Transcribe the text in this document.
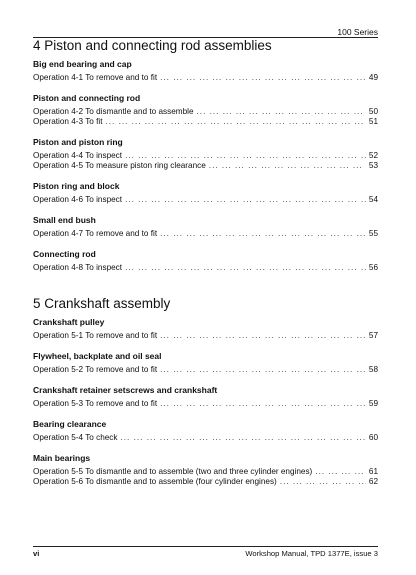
100 Series
4 Piston and connecting rod assemblies
Big end bearing and cap
Operation 4-1 To remove and to fit ... .	49
Piston and connecting rod
Operation 4-2 To dismantle and to assemble ... .	50
Operation 4-3 To fit ... .	51
Piston and piston ring
Operation 4-4 To inspect ... .	52
Operation 4-5 To measure piston ring clearance ... .	53
Piston ring and block
Operation 4-6 To inspect ... .	54
Small end bush
Operation 4-7 To remove and to fit ... .	55
Connecting rod
Operation 4-8 To inspect ... .	56
5 Crankshaft assembly
Crankshaft pulley
Operation 5-1 To remove and to fit ... .	57
Flywheel, backplate and oil seal
Operation 5-2 To remove and to fit ... .	58
Crankshaft retainer setscrews and crankshaft
Operation 5-3 To remove and to fit ... .	59
Bearing clearance
Operation 5-4 To check ... .	60
Main bearings
Operation 5-5 To dismantle and to assemble (two and three cylinder engines) ... .	61
Operation 5-6 To dismantle and to assemble (four cylinder engines) ... .	62
vi	Workshop Manual, TPD 1377E, issue 3
